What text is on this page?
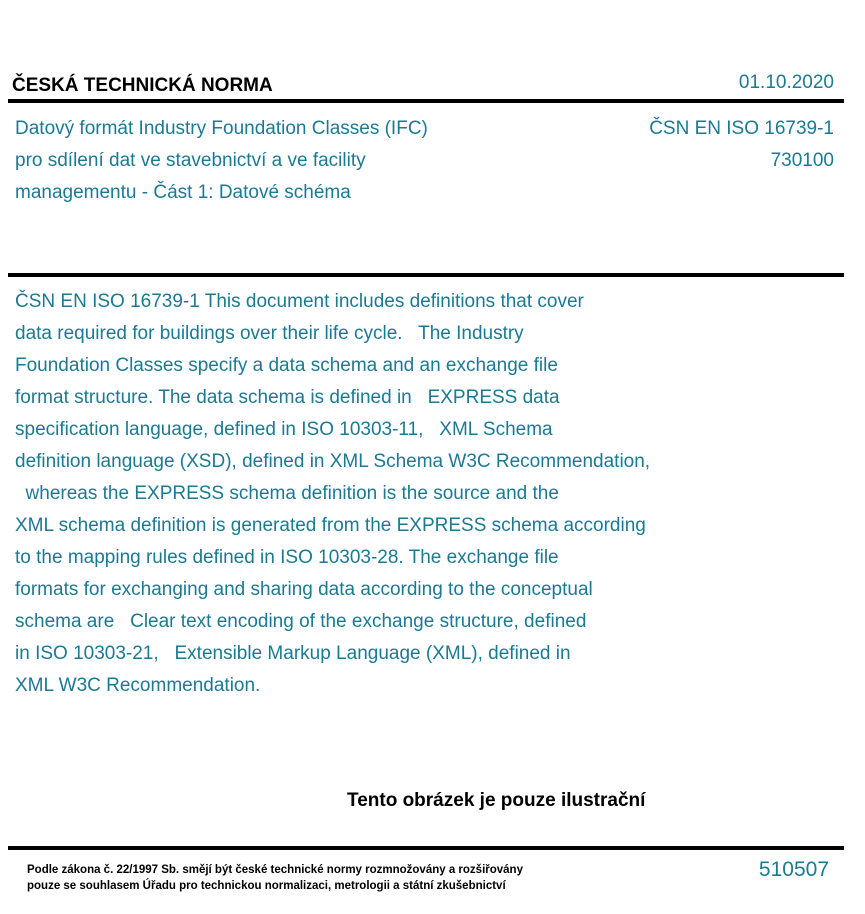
ČESKÁ TECHNICKÁ NORMA	01.10.2020
Datový formát Industry Foundation Classes (IFC)
pro sdílení dat ve stavebnictví a ve facility
managementu - Část 1: Datové schéma
ČSN EN ISO 16739-1
730100
ČSN EN ISO 16739-1 This document includes definitions that cover
data required for buildings over their life cycle.   The Industry
Foundation Classes specify a data schema and an exchange file
format structure. The data schema is defined in   EXPRESS data
specification language, defined in ISO 10303-11,   XML Schema
definition language (XSD), defined in XML Schema W3C Recommendation,
whereas the EXPRESS schema definition is the source and the
XML schema definition is generated from the EXPRESS schema according
to the mapping rules defined in ISO 10303-28. The exchange file
formats for exchanging and sharing data according to the conceptual
schema are   Clear text encoding of the exchange structure, defined
in ISO 10303-21,   Extensible Markup Language (XML), defined in
XML W3C Recommendation.
Tento obrázek je pouze ilustrační
Podle zákona č. 22/1997 Sb. smějí být české technické normy rozmnožovány a rozšiřovány
pouze se souhlasem Úřadu pro technickou normalizaci, metrologii a státní zkušebnictví
510507
